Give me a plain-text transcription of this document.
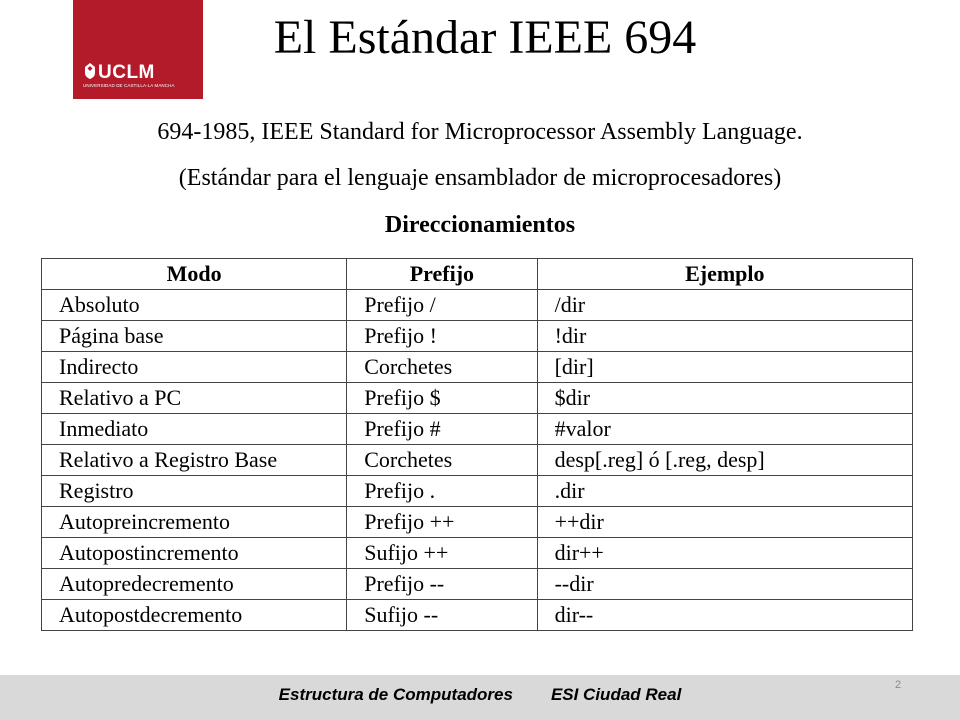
UCLM
UNIVERSIDAD DE CASTILLA-LA MANCHA
El Estándar IEEE 694
694-1985, IEEE Standard for Microprocessor Assembly Language.
(Estándar para el lenguaje ensamblador de microprocesadores)
Direccionamientos
Modo	Prefijo	Ejemplo
Absoluto	Prefijo /	/dir
Página base	Prefijo !	!dir
Indirecto	Corchetes	[dir]
Relativo a PC	Prefijo $	$dir
Inmediato	Prefijo #	#valor
Relativo a Registro Base	Corchetes	desp[.reg] ó [.reg, desp]
Registro	Prefijo .	.dir
Autopreincremento	Prefijo ++	++dir
Autopostincremento	Sufijo ++	dir++
Autopredecremento	Prefijo --	--dir
Autopostdecremento	Sufijo --	dir--
Estructura de Computadores ESI Ciudad Real	2
